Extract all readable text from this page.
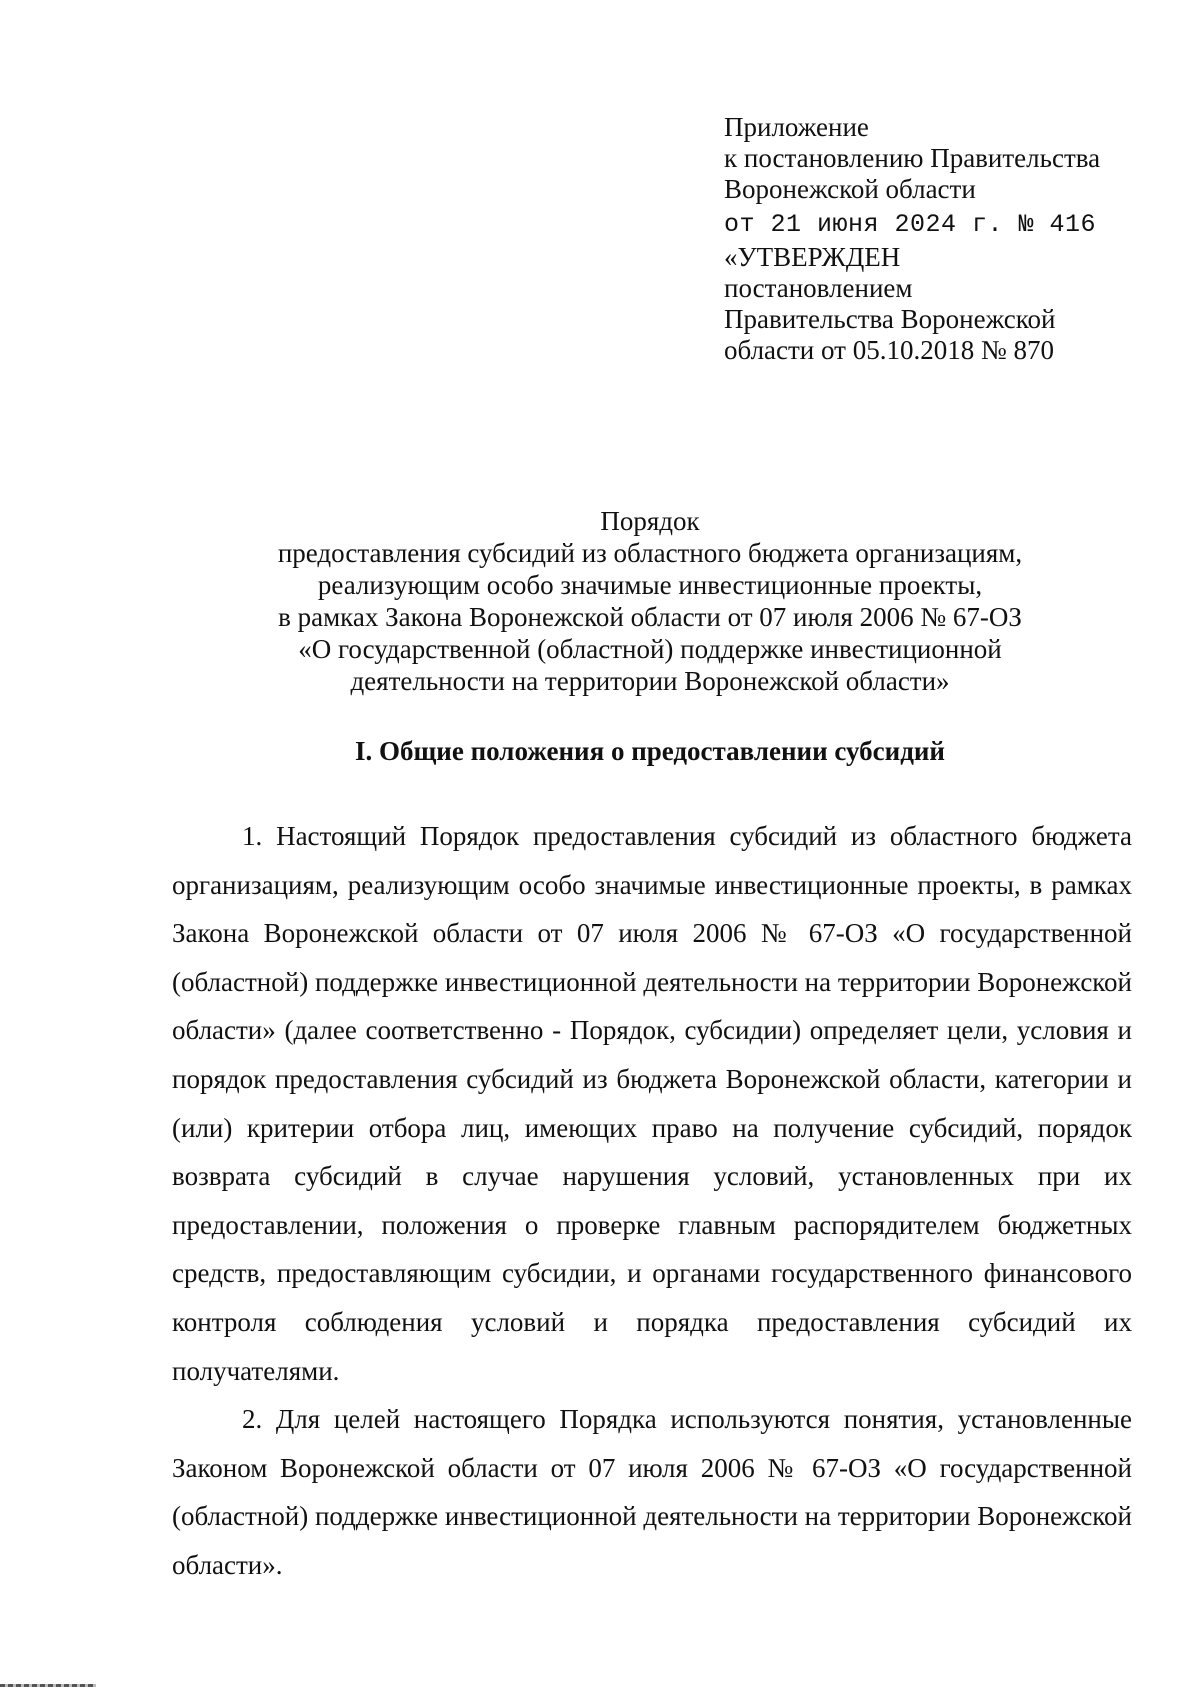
Приложение
к постановлению Правительства
Воронежской области
от 21 июня 2024 г. № 416
«УТВЕРЖДЕН
постановлением
Правительства Воронежской
области от 05.10.2018 № 870
Порядок
предоставления субсидий из областного бюджета организациям,
реализующим особо значимые инвестиционные проекты,
в рамках Закона Воронежской области от 07 июля 2006 № 67-ОЗ
«О государственной (областной) поддержке инвестиционной
деятельности на территории Воронежской области»
I. Общие положения о предоставлении субсидий

1. Настоящий Порядок предоставления субсидий из областного бюджета организациям, реализующим особо значимые инвестиционные проекты, в рамках Закона Воронежской области от 07 июля 2006 № 67-ОЗ «О государственной (областной) поддержке инвестиционной деятельности на территории Воронежской области» (далее соответственно - Порядок, субсидии) определяет цели, условия и порядок предоставления субсидий из бюджета Воронежской области, категории и (или) критерии отбора лиц, имеющих право на получение субсидий, порядок возврата субсидий в случае нарушения условий, установленных при их предоставлении, положения о проверке главным распорядителем бюджетных средств, предоставляющим субсидии, и органами государственного финансового контроля соблюдения условий и порядка предоставления субсидий их получателями.

2. Для целей настоящего Порядка используются понятия, установленные Законом Воронежской области от 07 июля 2006 № 67-ОЗ «О государственной (областной) поддержке инвестиционной деятельности на территории Воронежской области».
